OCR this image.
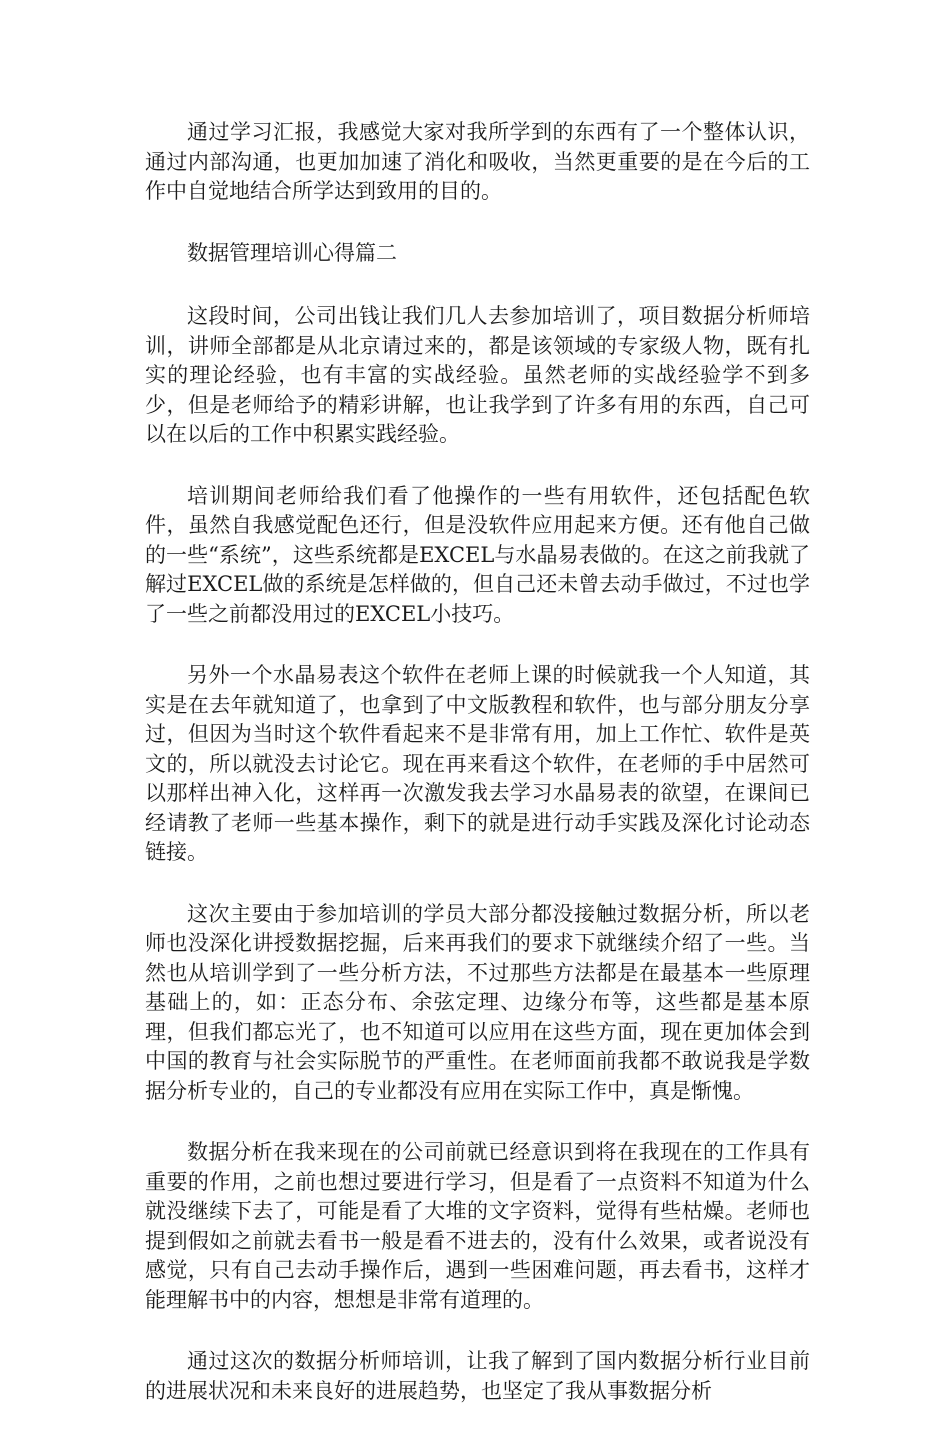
通过学习汇报，我感觉大家对我所学到的东西有了一个整体认识，通过内部沟通，也更加加速了消化和吸收，当然更重要的是在今后的工作中自觉地结合所学达到致用的目的。

数据管理培训心得篇二

这段时间，公司出钱让我们几人去参加培训了，项目数据分析师培训，讲师全部都是从北京请过来的，都是该领域的专家级人物，既有扎实的理论经验，也有丰富的实战经验。虽然老师的实战经验学不到多少，但是老师给予的精彩讲解，也让我学到了许多有用的东西，自己可以在以后的工作中积累实践经验。

培训期间老师给我们看了他操作的一些有用软件，还包括配色软件，虽然自我感觉配色还行，但是没软件应用起来方便。还有他自己做的一些“系统”，这些系统都是EXCEL与水晶易表做的。在这之前我就了解过EXCEL做的系统是怎样做的，但自己还未曾去动手做过，不过也学了一些之前都没用过的EXCEL小技巧。

另外一个水晶易表这个软件在老师上课的时候就我一个人知道，其实是在去年就知道了，也拿到了中文版教程和软件，也与部分朋友分享过，但因为当时这个软件看起来不是非常有用，加上工作忙、软件是英文的，所以就没去讨论它。现在再来看这个软件，在老师的手中居然可以那样出神入化，这样再一次激发我去学习水晶易表的欲望，在课间已经请教了老师一些基本操作，剩下的就是进行动手实践及深化讨论动态链接。

这次主要由于参加培训的学员大部分都没接触过数据分析，所以老师也没深化讲授数据挖掘，后来再我们的要求下就继续介绍了一些。当然也从培训学到了一些分析方法，不过那些方法都是在最基本一些原理基础上的，如：正态分布、余弦定理、边缘分布等，这些都是基本原理，但我们都忘光了，也不知道可以应用在这些方面，现在更加体会到中国的教育与社会实际脱节的严重性。在老师面前我都不敢说我是学数据分析专业的，自己的专业都没有应用在实际工作中，真是惭愧。

数据分析在我来现在的公司前就已经意识到将在我现在的工作具有重要的作用，之前也想过要进行学习，但是看了一点资料不知道为什么就没继续下去了，可能是看了大堆的文字资料，觉得有些枯燥。老师也提到假如之前就去看书一般是看不进去的，没有什么效果，或者说没有感觉，只有自己去动手操作后，遇到一些困难问题，再去看书，这样才能理解书中的内容，想想是非常有道理的。

通过这次的数据分析师培训，让我了解到了国内数据分析行业目前的进展状况和未来良好的进展趋势，也坚定了我从事数据分析
